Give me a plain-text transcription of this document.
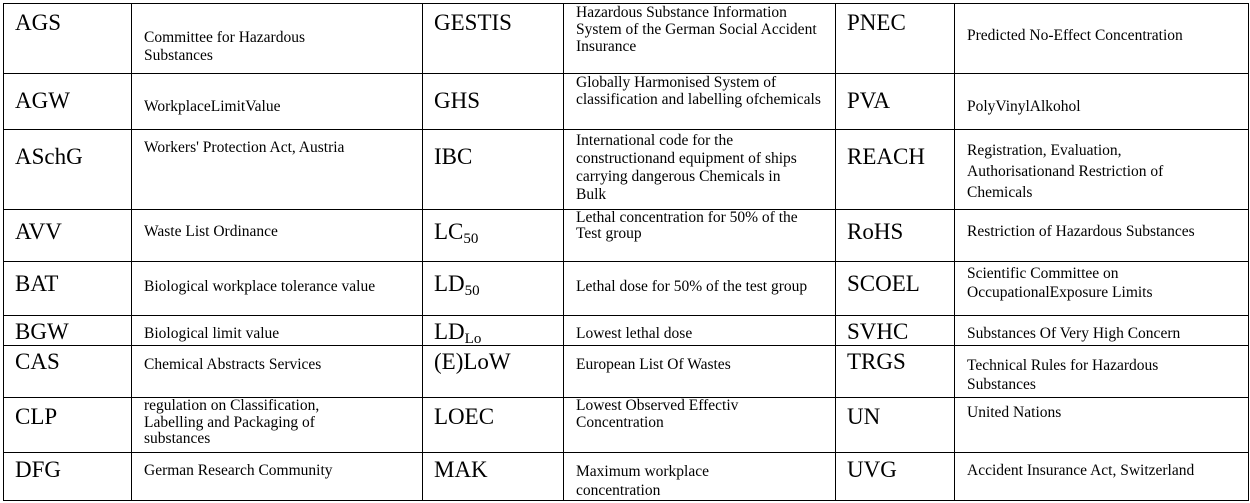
AGS	Committee for Hazardous Substances	GESTIS	Hazardous Substance Information System of the German Social Accident Insurance	PNEC	Predicted No-Effect Concentration

AGW	WorkplaceLimitValue	GHS	Globally Harmonised System of classification and labelling ofchemicals	PVA	PolyVinylAlkohol

ASchG	Workers' Protection Act, Austria	IBC	International code for the constructionand equipment of ships carrying dangerous Chemicals in Bulk	REACH	Registration, Evaluation, Authorisationand Restriction of Chemicals

AVV	Waste List Ordinance	$LC_{50}$	Lethal concentration for 50% of the Test group	RoHS	Restriction of Hazardous Substances

BAT	Biological workplace tolerance value	$LD_{50}$	Lethal dose for 50% of the test group	SCOEL	Scientific Committee on OccupationalExposure Limits

BGW	Biological limit value	$LD_{Lo}$	Lowest lethal dose	SVHC	Substances Of Very High Concern

CAS	Chemical Abstracts Services	(E)LoW	European List Of Wastes	TRGS	Technical Rules for Hazardous Substances

CLP	regulation on Classification, Labelling and Packaging of substances	LOEC	Lowest Observed Effectiv Concentration	UN	United Nations

DFG	German Research Community	MAK	Maximum workplace concentration	UVG	Accident Insurance Act, Switzerland
